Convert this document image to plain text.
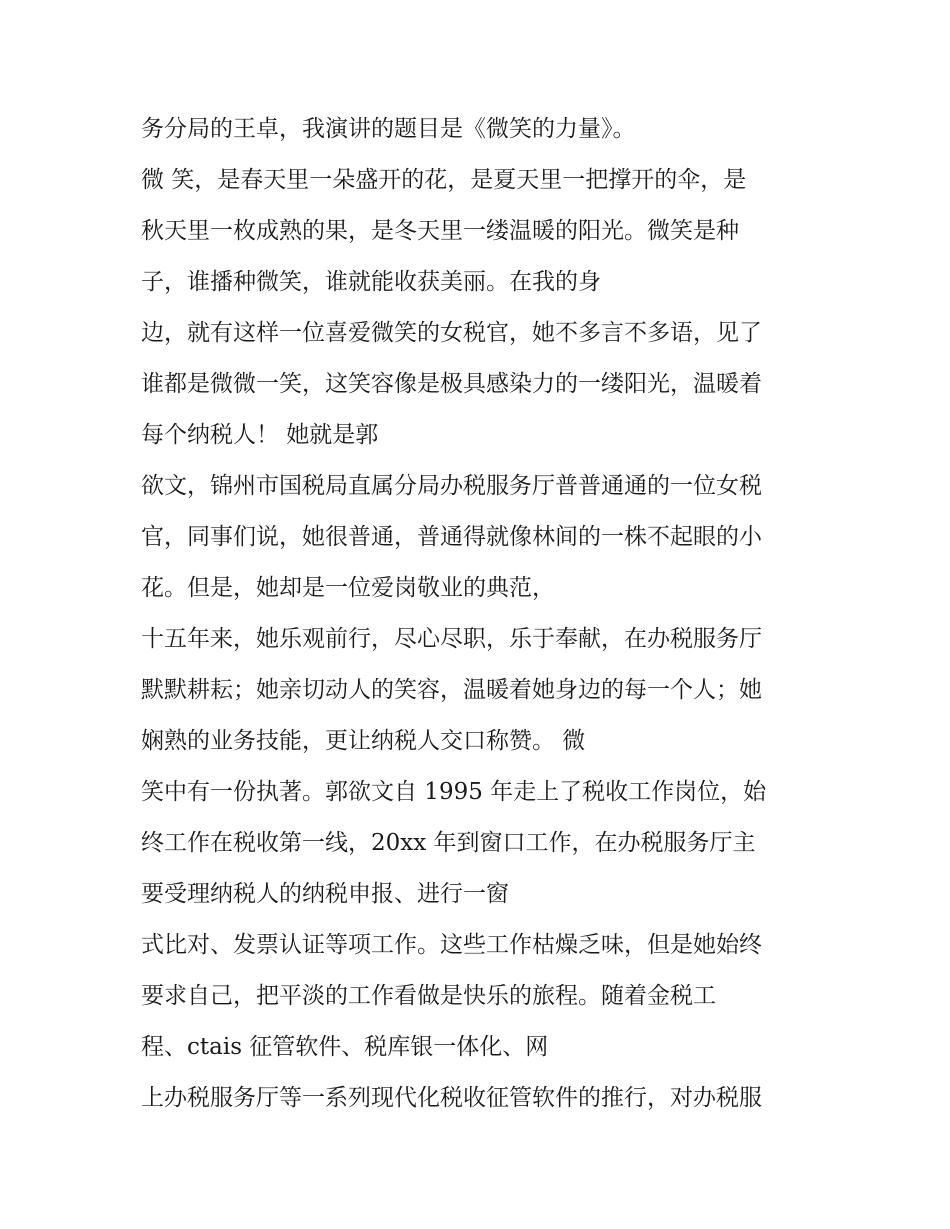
务分局的王卓，我演讲的题目是《微笑的力量》。
微 笑，是春天里一朵盛开的花，是夏天里一把撑开的伞，是
秋天里一枚成熟的果，是冬天里一缕温暖的阳光。微笑是种
子，谁播种微笑，谁就能收获美丽。在我的身
边，就有这样一位喜爱微笑的女税官，她不多言不多语，见了
谁都是微微一笑，这笑容像是极具感染力的一缕阳光，温暖着
每个纳税人！ 她就是郭
欲文，锦州市国税局直属分局办税服务厅普普通通的一位女税
官，同事们说，她很普通，普通得就像林间的一株不起眼的小
花。但是，她却是一位爱岗敬业的典范，
十五年来，她乐观前行，尽心尽职，乐于奉献，在办税服务厅
默默耕耘；她亲切动人的笑容，温暖着她身边的每一个人；她
娴熟的业务技能，更让纳税人交口称赞。 微
笑中有一份执著。郭欲文自 1995 年走上了税收工作岗位，始
终工作在税收第一线，20xx 年到窗口工作，在办税服务厅主
要受理纳税人的纳税申报、进行一窗
式比对、发票认证等项工作。这些工作枯燥乏味，但是她始终
要求自己，把平淡的工作看做是快乐的旅程。随着金税工
程、ctais 征管软件、税库银一体化、网
上办税服务厅等一系列现代化税收征管软件的推行，对办税服
